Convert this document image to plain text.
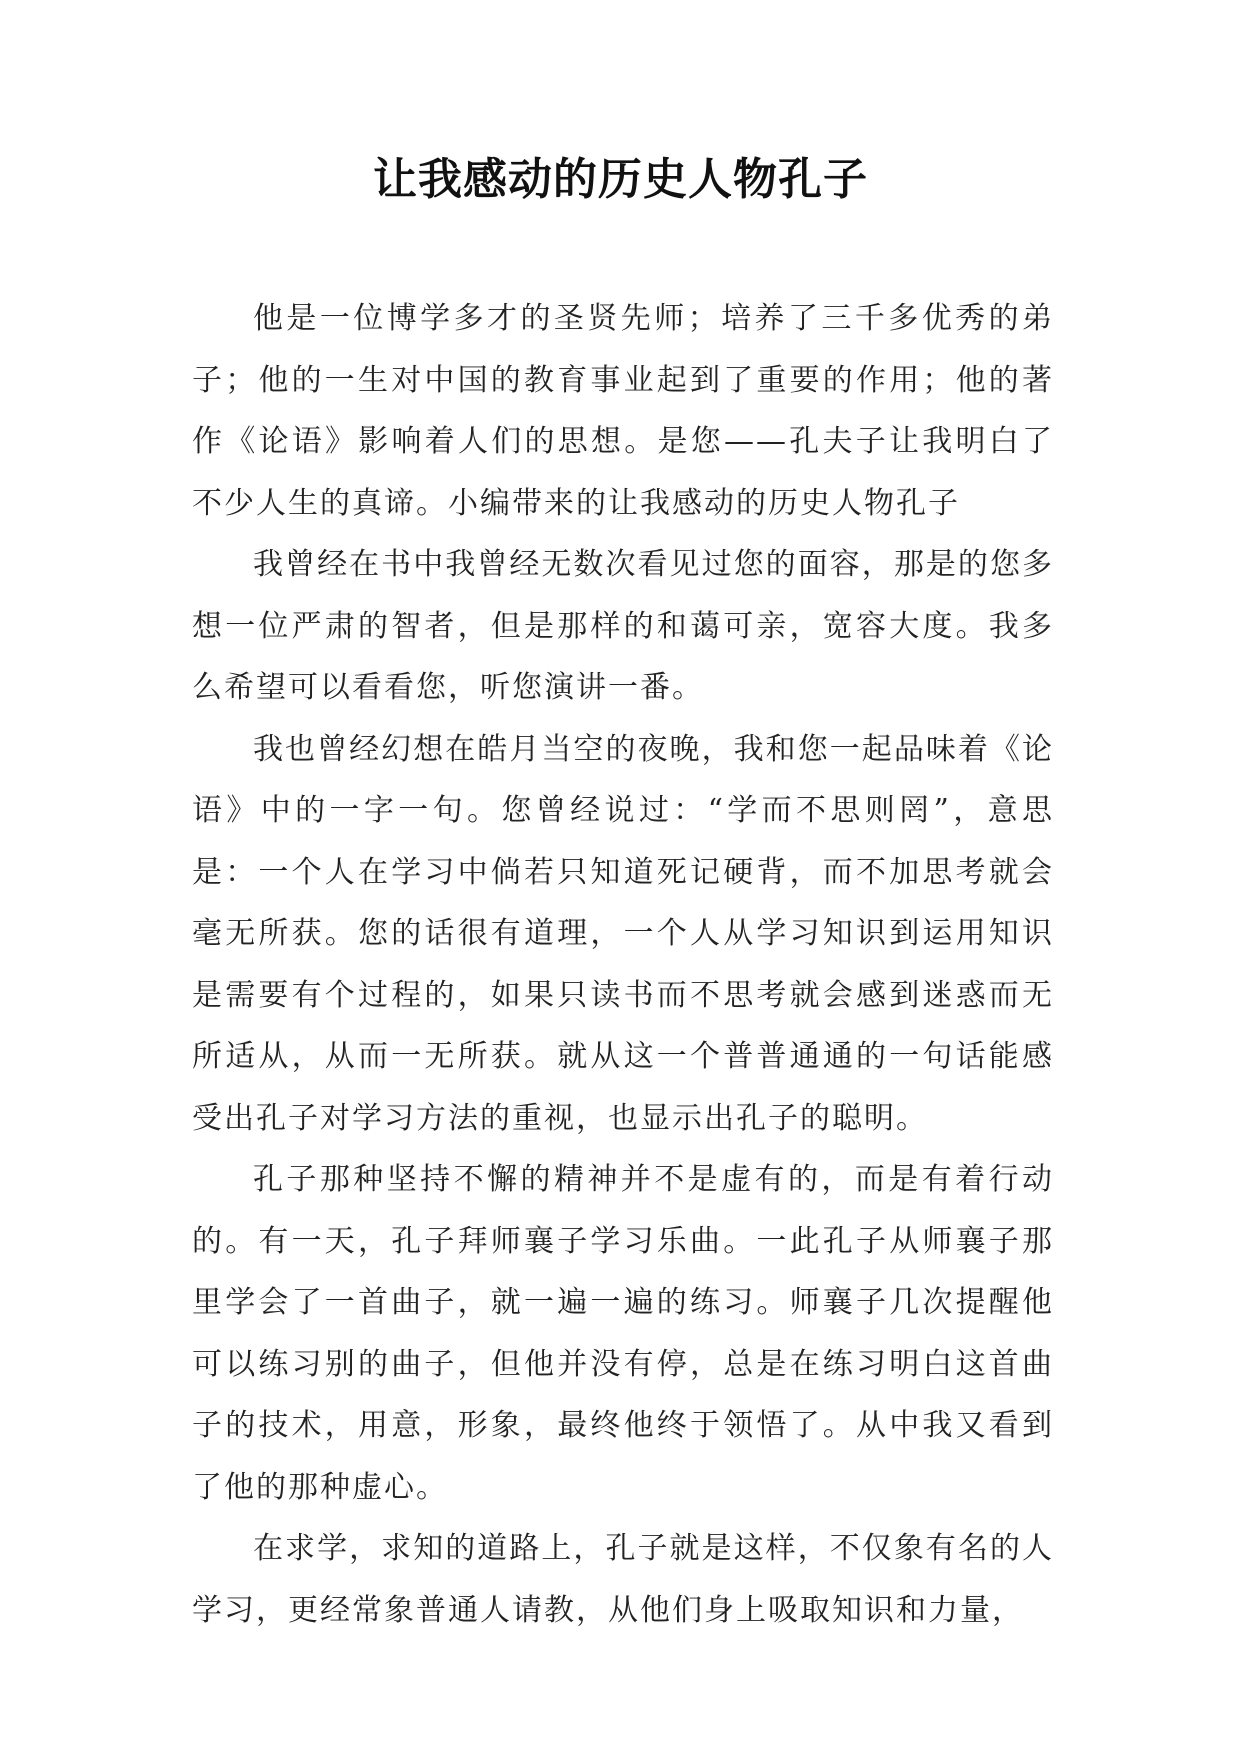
让我感动的历史人物孔子

他是一位博学多才的圣贤先师；培养了三千多优秀的弟子；他的一生对中国的教育事业起到了重要的作用；他的著作《论语》影响着人们的思想。是您——孔夫子让我明白了不少人生的真谛。小编带来的让我感动的历史人物孔子

我曾经在书中我曾经无数次看见过您的面容，那是的您多想一位严肃的智者，但是那样的和蔼可亲，宽容大度。我多么希望可以看看您，听您演讲一番。

我也曾经幻想在皓月当空的夜晚，我和您一起品味着《论语》中的一字一句。您曾经说过：“学而不思则罔”，意思是：一个人在学习中倘若只知道死记硬背，而不加思考就会毫无所获。您的话很有道理，一个人从学习知识到运用知识是需要有个过程的，如果只读书而不思考就会感到迷惑而无所适从，从而一无所获。就从这一个普普通通的一句话能感受出孔子对学习方法的重视，也显示出孔子的聪明。

孔子那种坚持不懈的精神并不是虚有的，而是有着行动的。有一天，孔子拜师襄子学习乐曲。一此孔子从师襄子那里学会了一首曲子，就一遍一遍的练习。师襄子几次提醒他可以练习别的曲子，但他并没有停，总是在练习明白这首曲子的技术，用意，形象，最终他终于领悟了。从中我又看到了他的那种虚心。

在求学，求知的道路上，孔子就是这样，不仅象有名的人学习，更经常象普通人请教，从他们身上吸取知识和力量，
